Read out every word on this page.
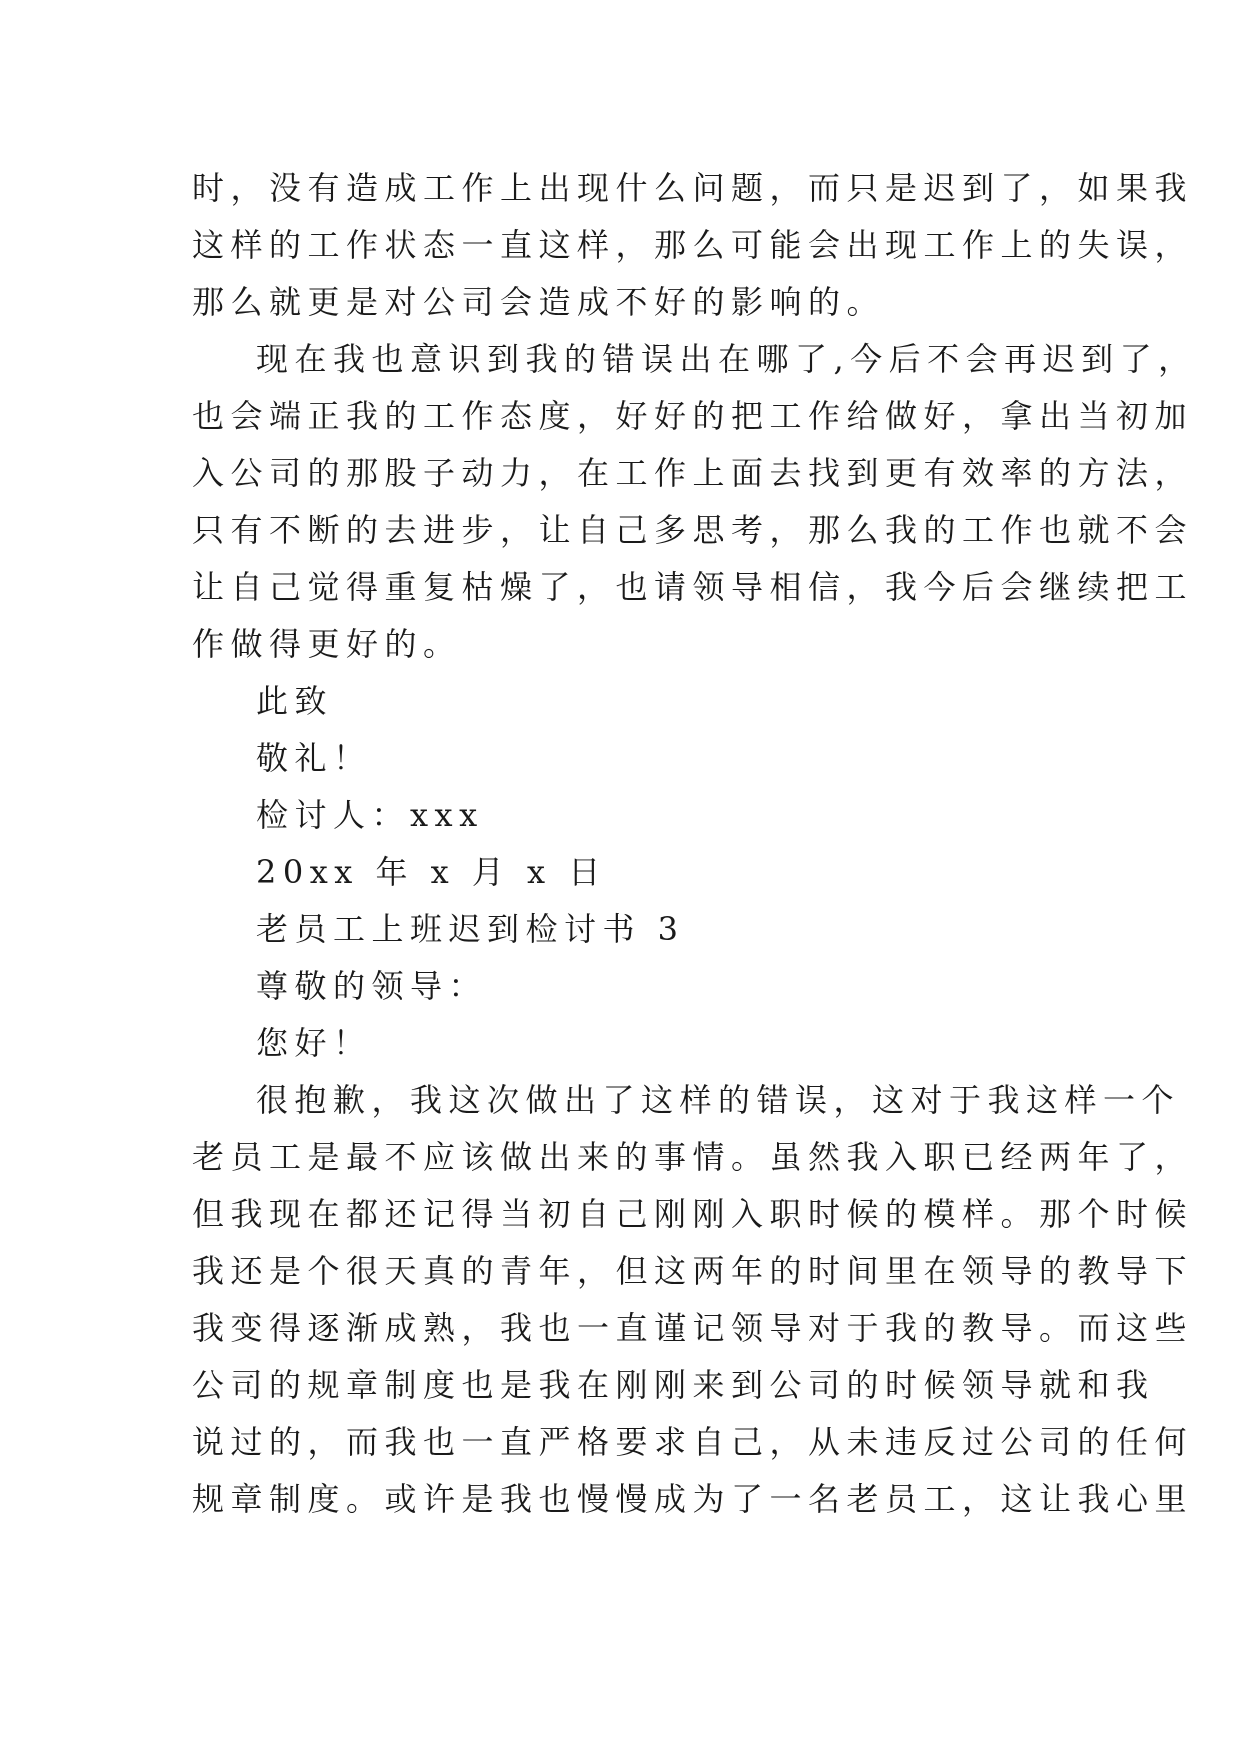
时，没有造成工作上出现什么问题，而只是迟到了，如果我
这样的工作状态一直这样，那么可能会出现工作上的失误，
那么就更是对公司会造成不好的影响的。
现在我也意识到我的错误出在哪了,今后不会再迟到了，
也会端正我的工作态度，好好的把工作给做好，拿出当初加
入公司的那股子动力，在工作上面去找到更有效率的方法，
只有不断的去进步，让自己多思考，那么我的工作也就不会
让自己觉得重复枯燥了，也请领导相信，我今后会继续把工
作做得更好的。
此致
敬礼！
检讨人：xxx
20xx 年 x 月 x 日
老员工上班迟到检讨书 3
尊敬的领导：
您好！
很抱歉，我这次做出了这样的错误，这对于我这样一个
老员工是最不应该做出来的事情。虽然我入职已经两年了，
但我现在都还记得当初自己刚刚入职时候的模样。那个时候
我还是个很天真的青年，但这两年的时间里在领导的教导下
我变得逐渐成熟，我也一直谨记领导对于我的教导。而这些
公司的规章制度也是我在刚刚来到公司的时候领导就和我
说过的，而我也一直严格要求自己，从未违反过公司的任何
规章制度。或许是我也慢慢成为了一名老员工，这让我心里
